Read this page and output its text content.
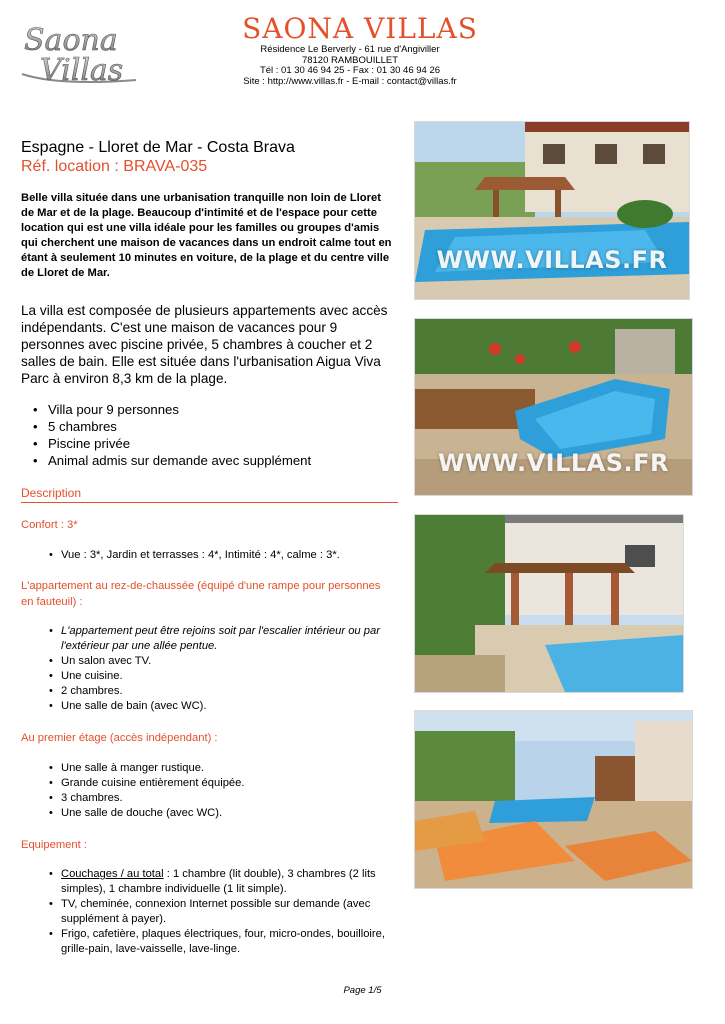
Saona
Villas
SAONA VILLAS
Résidence Le Berverly - 61 rue d'Angiviller
78120 RAMBOUILLET
Tél : 01 30 46 94 25 - Fax : 01 30 46 94 26
Site : http://www.villas.fr - E-mail : contact@villas.fr
Espagne - Lloret de Mar - Costa Brava
Réf. location : BRAVA-035
Belle villa située dans une urbanisation tranquille non loin de Lloret de Mar et de la plage. Beaucoup d'intimité et de l'espace pour cette location qui est une villa idéale pour les familles ou groupes d'amis qui cherchent une maison de vacances dans un endroit calme tout en étant à seulement 10 minutes en voiture, de la plage et du centre ville de Lloret de Mar.
La villa est composée de plusieurs appartements avec accès indépendants. C'est une maison de vacances pour 9 personnes avec piscine privée, 5 chambres à coucher et 2 salles de bain. Elle est située dans l'urbanisation Aigua Viva Parc à environ 8,3 km de la plage.
• Villa pour 9 personnes
• 5 chambres
• Piscine privée
• Animal admis sur demande avec supplément
Description
Confort : 3*
• Vue : 3*, Jardin et terrasses : 4*, Intimité : 4*, calme : 3*.
L'appartement au rez-de-chaussée (équipé d'une rampe pour personnes en fauteuil) :
• L'appartement peut être rejoins soit par l'escalier intérieur ou par l'extérieur par une allée pentue.
• Un salon avec TV.
• Une cuisine.
• 2 chambres.
• Une salle de bain (avec WC).
Au premier étage (accès indépendant) :
• Une salle à manger rustique.
• Grande cuisine entièrement équipée.
• 3 chambres.
• Une salle de douche (avec WC).
Equipement :
• Couchages / au total : 1 chambre (lit double), 3 chambres (2 lits simples), 1 chambre individuelle (1 lit simple).
• TV, cheminée, connexion Internet possible sur demande (avec supplément à payer).
• Frigo, cafetière, plaques électriques, four, micro-ondes, bouilloire, grille-pain, lave-vaisselle, lave-linge.
Page 1/5
WWW.VILLAS.FR
WWW.VILLAS.FR
